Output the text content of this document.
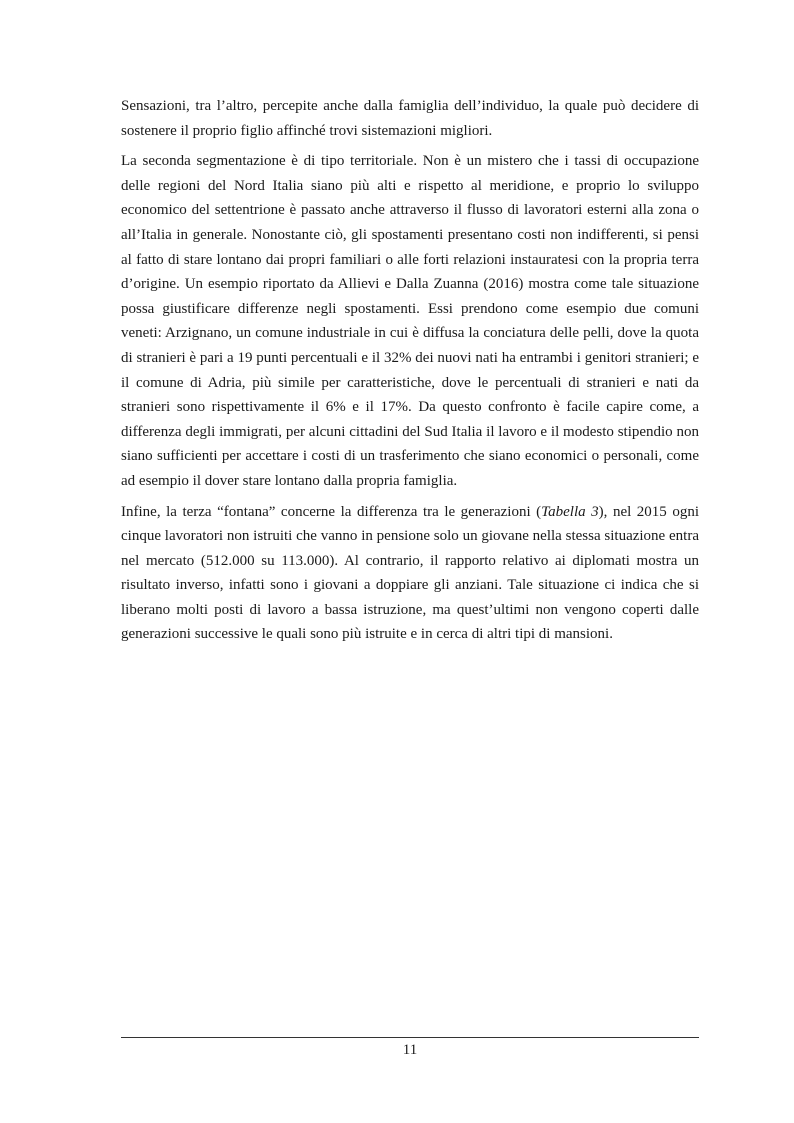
Sensazioni, tra l’altro, percepite anche dalla famiglia dell’individuo, la quale può decidere di sostenere il proprio figlio affinché trovi sistemazioni migliori.

La seconda segmentazione è di tipo territoriale. Non è un mistero che i tassi di occupazione delle regioni del Nord Italia siano più alti e rispetto al meridione, e proprio lo sviluppo economico del settentrione è passato anche attraverso il flusso di lavoratori esterni alla zona o all’Italia in generale. Nonostante ciò, gli spostamenti presentano costi non indifferenti, si pensi al fatto di stare lontano dai propri familiari o alle forti relazioni instauratesi con la propria terra d’origine. Un esempio riportato da Allievi e Dalla Zuanna (2016) mostra come tale situazione possa giustificare differenze negli spostamenti. Essi prendono come esempio due comuni veneti: Arzignano, un comune industriale in cui è diffusa la conciatura delle pelli, dove la quota di stranieri è pari a 19 punti percentuali e il 32% dei nuovi nati ha entrambi i genitori stranieri; e il comune di Adria, più simile per caratteristiche, dove le percentuali di stranieri e nati da stranieri sono rispettivamente il 6% e il 17%. Da questo confronto è facile capire come, a differenza degli immigrati, per alcuni cittadini del Sud Italia il lavoro e il modesto stipendio non siano sufficienti per accettare i costi di un trasferimento che siano economici o personali, come ad esempio il dover stare lontano dalla propria famiglia.

Infine, la terza “fontana” concerne la differenza tra le generazioni (Tabella 3), nel 2015 ogni cinque lavoratori non istruiti che vanno in pensione solo un giovane nella stessa situazione entra nel mercato (512.000 su 113.000). Al contrario, il rapporto relativo ai diplomati mostra un risultato inverso, infatti sono i giovani a doppiare gli anziani. Tale situazione ci indica che si liberano molti posti di lavoro a bassa istruzione, ma quest’ultimi non vengono coperti dalle generazioni successive le quali sono più istruite e in cerca di altri tipi di mansioni.

11
